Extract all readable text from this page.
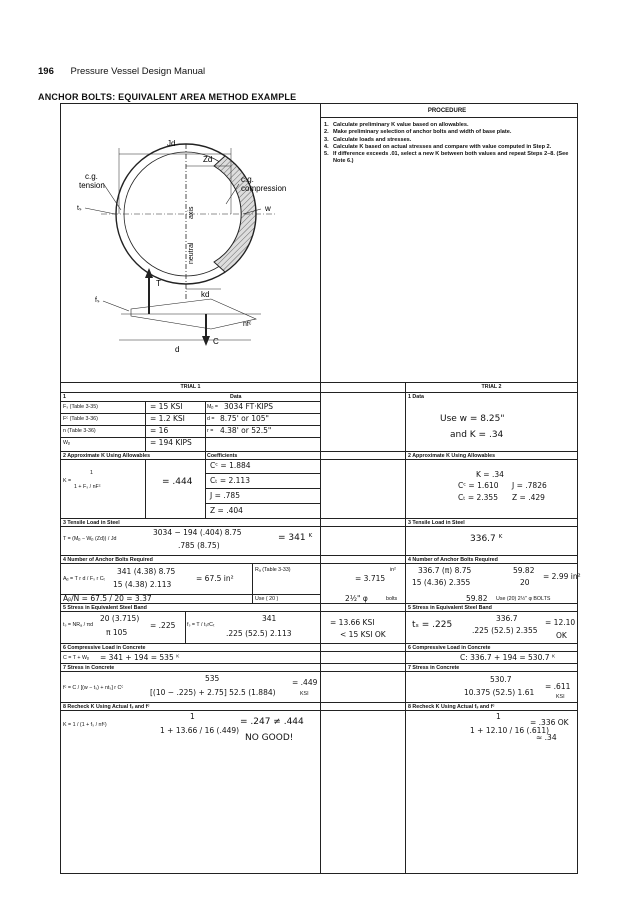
196 Pressure Vessel Design Manual
ANCHOR BOLTS: EQUIVALENT AREA METHOD EXAMPLE
PROCEDURE
1. Calculate preliminary K value based on allowables.
2. Make preliminary selection of anchor bolts and width of base plate.
3. Calculate loads and stresses.
4. Calculate K based on actual stresses and compare with value computed in Step 2.
5. If difference exceeds .01, select a new K between both values and repeat Steps 2–8. (See Note 6.)
Jd
Zd
c.g.
tension
c.g.
compression
tₛ	w
axis
neutral
T
kd
C
fₛ
nfᶜ
d
TRIAL 1	TRIAL 2
1	Data	1 Data
Fₛ (Table 3-35)	= 15 KSI
Fᶜ (Table 3-36)	= 1.2 KSI
n (Table 3-36)	= 16
Wᵦ	= 194 KIPS
Mᵦ = 3034 FT·KIPS
d = 8.75' or 105"
r = 4.38' or 52.5"
Use w = 8.25"
and K = .34
2 Approximate K Using Allowables	Coefficients	2 Approximate K Using Allowables
K =
1
1 + Fₛ / nFᶜ	= .444
Cᶜ = 1.884
Cₜ = 2.113
J = .785
Z = .404
K = .34
Cᶜ = 1.610 J = .7826
Cₜ = 2.355 Z = .429
3 Tensile Load in Steel	3 Tensile Load in Steel
T = (Mᵦ − Wᵦ (Zd)) / Jd
3034 − 194 (.404) 8.75
.785 (8.75)
= 341 ᴷ	336.7 ᴷ
4 Number of Anchor Bolts Required	4 Number of Anchor Bolts Required
Aᵦ = T r d / Fₛ r Cₜ
341 (4.38) 8.75
15 (4.38) 2.113
= 67.5 in²
Rₐ (Table 3-33)
= 3.715
in²
Aᵦ/N = 67.5 / 20 = 3.37	Use ( 20 )	2½" φ	bolts
336.7 (π) 8.75
15 (4.36) 2.355
59.82
20
= 2.99 in²
59.82 Use (20) 2½" φ BOLTS
5 Stress in Equivalent Steel Band	5 Stress in Equivalent Steel Band
tₛ = NRₐ / πd
20 (3.715)
π 105
= .225 fₛ = T / tₛrCₜ
341
.225 (52.5) 2.113
= 13.66 KSI
< 15 KSI OK
tₛ = .225
336.7
.225 (52.5) 2.355
= 12.10
OK
6 Compressive Load in Concrete	6 Compressive Load in Concrete
C = T + Wᵦ = 341 + 194 = 535 ᴷ	C: 336.7 + 194 = 530.7 ᴷ
7 Stress in Concrete	7 Stress in Concrete
fᶜ = C / [(w − tₛ) + ntₛ] r Cᶜ
535
[(10 − .225) + 2.75] 52.5 (1.884)
= .449
KSI
530.7
10.375 (52.5) 1.61
= .611
KSI
8 Recheck K Using Actual fₛ and fᶜ	8 Recheck K Using Actual fₛ and fᶜ
K = 1 / (1 + fₛ / nfᶜ)
1
1 + 13.66 / 16 (.449)
= .247 ≠ .444
NO GOOD!
1
1 + 12.10 / 16 (.611)
= .336 OK
≈ .34
